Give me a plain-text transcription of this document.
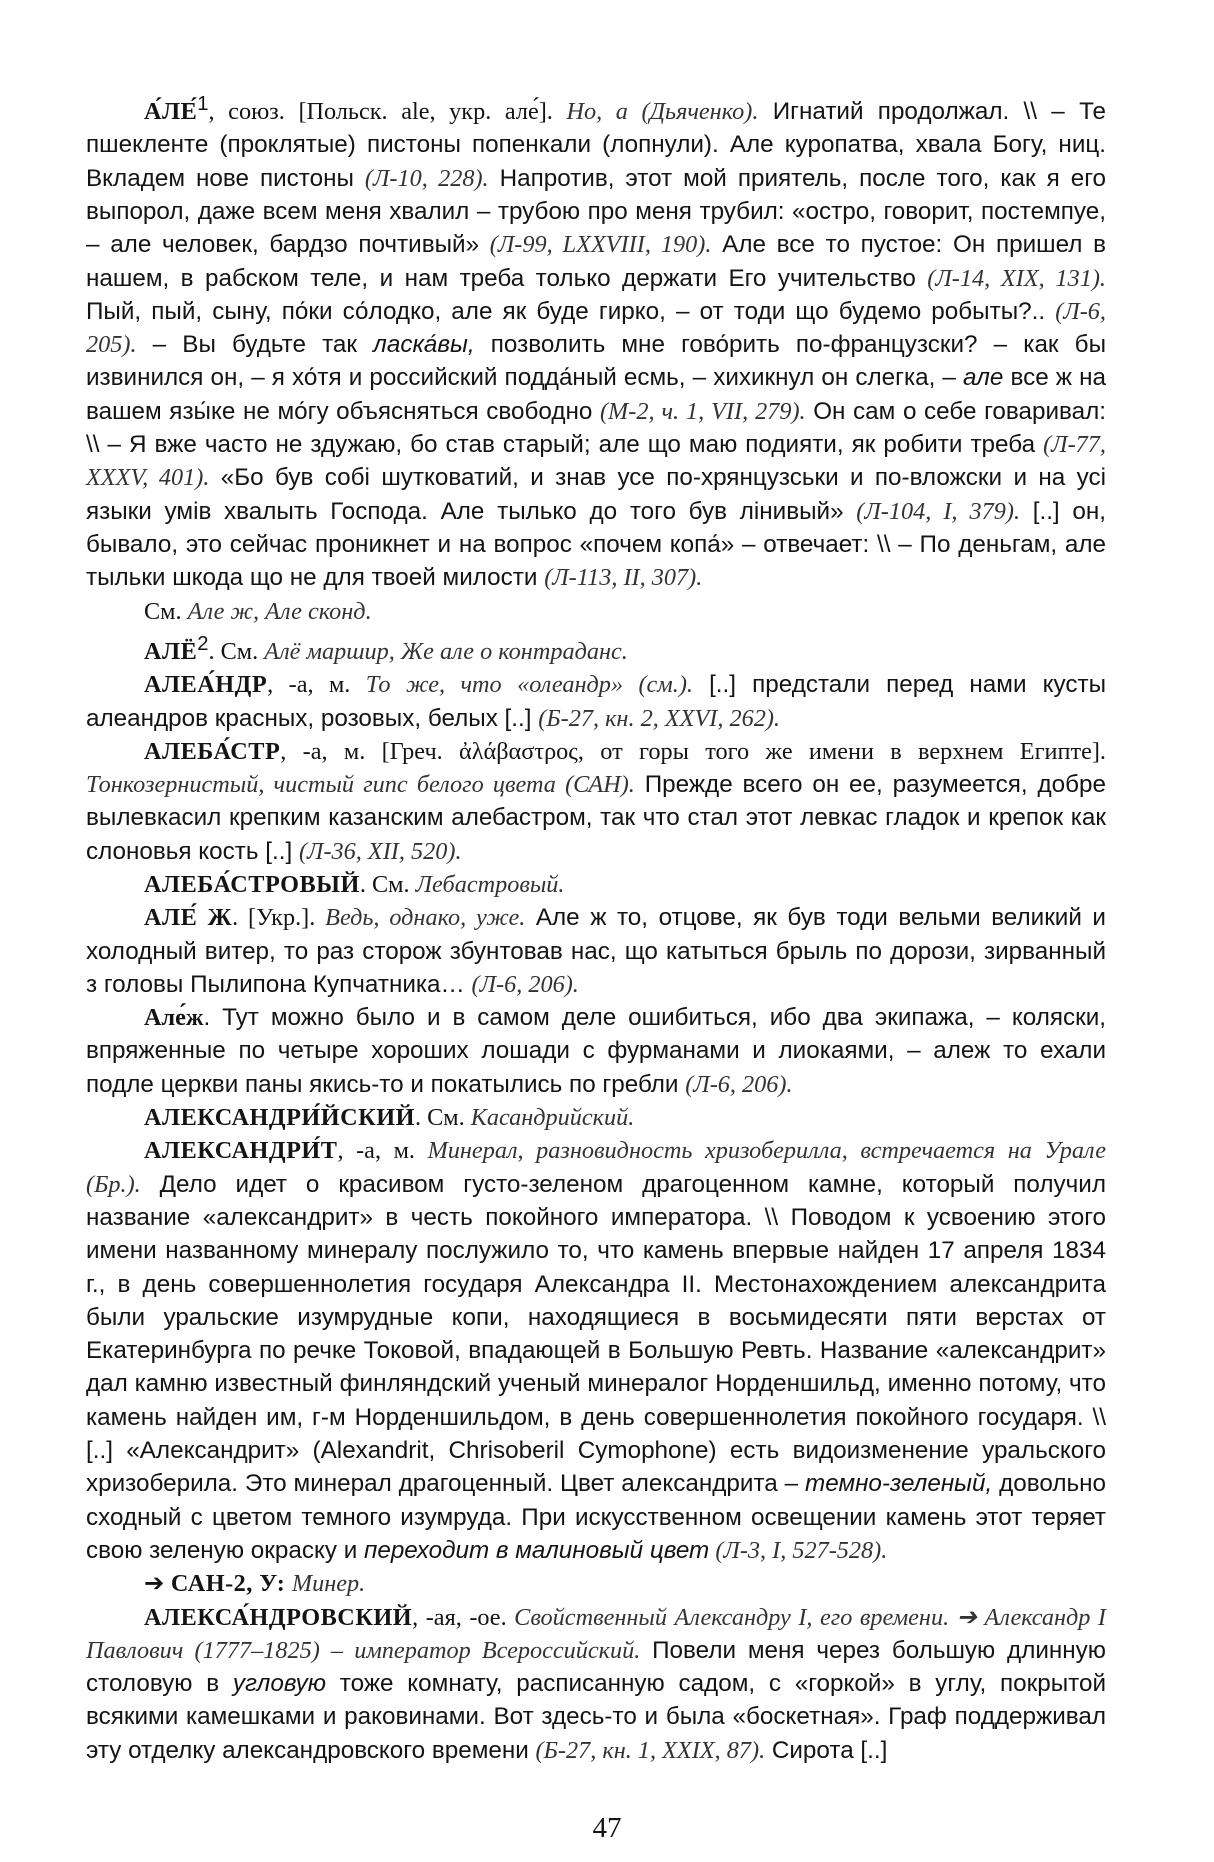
А́ЛЕ́$^1$, союз. [Польск. ale, укр. але́]. Но, а (Дьяченко). Игнатий продолжал. \\ – Те пшекленте (проклятые) пистоны попенкали (лопнули). Але куропатва, хвала Богу, ниц. Вкладем нове пистоны (Л-10, 228). Напротив, этот мой приятель, после того, как я его выпорол, даже всем меня хвалил – трубою про меня трубил: «остро, говорит, постемпуе, – але человек, бардзо почтивый» (Л-99, LXXVIII, 190). Але все то пустое: Он пришел в нашем, в рабском теле, и нам треба только держати Его учительство (Л-14, XIX, 131). Пый, пый, сыну, по́ки со́лодко, але як буде гирко, – от тоди що будемо робыты?.. (Л-6, 205). – Вы будьте так ласка́вы, позволить мне гово́рить по-французски? – как бы извинился он, – я хо́тя и российский подда́ный есмь, – хихикнул он слегка, – але все ж на вашем язы́ке не мо́гу объясняться свободно (М-2, ч. 1, VII, 279). Он сам о себе говаривал: \\ – Я вже часто не здужаю, бо став старый; але що маю подияти, як робити треба (Л-77, XXXV, 401). «Бо був собі шутковатий, и знав усе по-хрянцузськи и по-вложски и на усі языки умів хвалыть Господа. Але тылько до того був лінивый» (Л-104, I, 379). [..] он, бывало, это сейчас проникнет и на вопрос «почем копа́» – отвечает: \\ – По деньгам, але тыльки шкода що не для твоей милости (Л-113, II, 307).

См. Але ж, Але сконд.

АЛЁ$^2$. См. Алё маршир, Же але о контраданс.

АЛЕА́НДР, -а, м. То же, что «олеандр» (см.). [..] предстали перед нами кусты алеандров красных, розовых, белых [..] (Б-27, кн. 2, XXVI, 262).

АЛЕБА́СТР, -а, м. [Греч. ἀλάβαστρος, от горы того же имени в верхнем Египте]. Тонкозернистый, чистый гипс белого цвета (САН). Прежде всего он ее, разумеется, добре вылевкасил крепким казанским алебастром, так что стал этот левкас гладок и крепок как слоновья кость [..] (Л-36, XII, 520).

АЛЕБА́СТРОВЫЙ. См. Лебастровый.

АЛЕ́ Ж. [Укр.]. Ведь, однако, уже. Але ж то, отцове, як був тоди вельми великий и холодный витер, то раз сторож збунтовав нас, що катыться брыль по дорози, зирванный з головы Пылипона Купчатника… (Л-6, 206).

Але́ж. Тут можно было и в самом деле ошибиться, ибо два экипажа, – коляски, впряженные по четыре хороших лошади с фурманами и лиокаями, – алеж то ехали подле церкви паны якись-то и покатылись по гребли (Л-6, 206).

АЛЕКСАНДРИ́ЙСКИЙ. См. Касандрийский.

АЛЕКСАНДРИ́Т, -а, м. Минерал, разновидность хризоберилла, встречается на Урале (Бр.). Дело идет о красивом густо-зеленом драгоценном камне, который получил название «александрит» в честь покойного императора. \\ Поводом к усвоению этого имени названному минералу послужило то, что камень впервые найден 17 апреля 1834 г., в день совершеннолетия государя Александра II. Местонахождением александрита были уральские изумрудные копи, находящиеся в восьмидесяти пяти верстах от Екатеринбурга по речке Токовой, впадающей в Большую Ревть. Название «александрит» дал камню известный финляндский ученый минералог Норденшильд, именно потому, что камень найден им, г-м Норденшильдом, в день совершеннолетия покойного государя. \\ [..] «Александрит» (Alexandrit, Chrisoberil Cymophone) есть видоизменение уральского хризоберила. Это минерал драгоценный. Цвет александрита – темно-зеленый, довольно сходный с цветом темного изумруда. При искусственном освещении камень этот теряет свою зеленую окраску и переходит в малиновый цвет (Л-3, I, 527-528).

➔ САН-2, У: Минер.

АЛЕКСА́НДРОВСКИЙ, -ая, -ое. Свойственный Александру I, его времени. ➔ Александр I Павлович (1777–1825) – император Всероссийский. Повели меня через большую длинную столовую в угловую тоже комнату, расписанную садом, с «горкой» в углу, покрытой всякими камешками и раковинами. Вот здесь-то и была «боскетная». Граф поддерживал эту отделку александровского времени (Б-27, кн. 1, XXIX, 87). Сирота [..]

47
